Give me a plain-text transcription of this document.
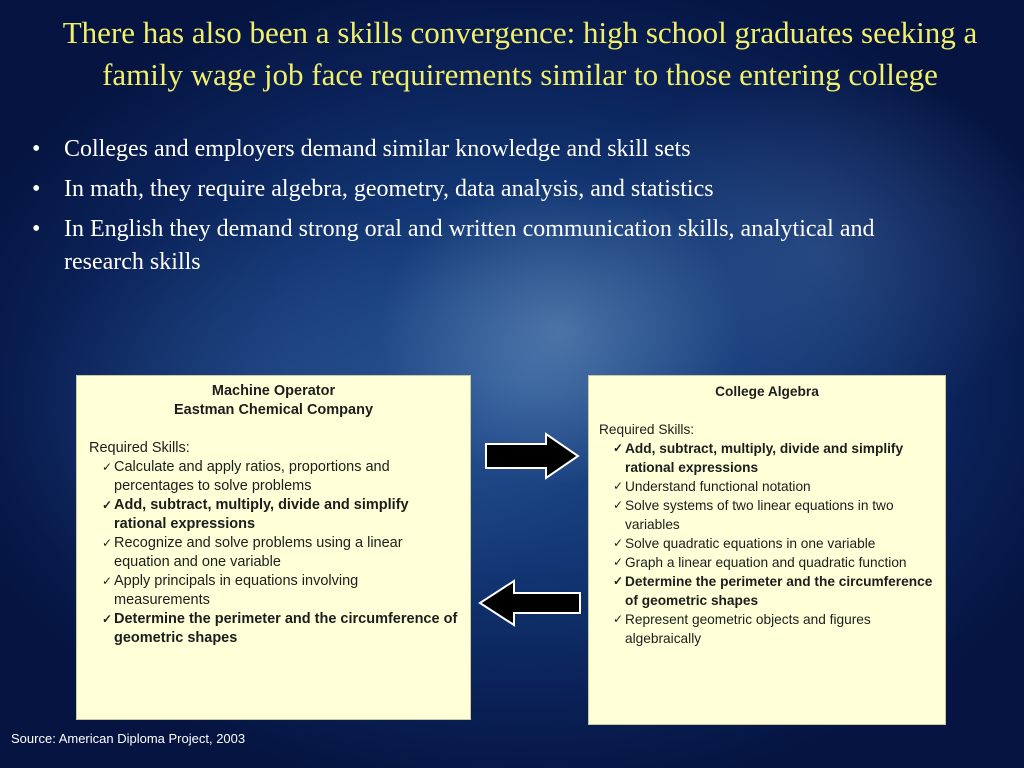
There has also been a skills convergence: high school graduates seeking a family wage job face requirements similar to those entering college
• Colleges and employers demand similar knowledge and skill sets
• In math, they require algebra, geometry, data analysis, and statistics
• In English they demand strong oral and written communication skills, analytical and research skills
Machine Operator
Eastman Chemical Company
Required Skills:
✓ Calculate and apply ratios, proportions and percentages to solve problems
✓ Add, subtract, multiply, divide and simplify rational expressions
✓ Recognize and solve problems using a linear equation and one variable
✓ Apply principals in equations involving measurements
✓ Determine the perimeter and the circumference of geometric shapes
College Algebra
Required Skills:
✓ Add, subtract, multiply, divide and simplify rational expressions
✓ Understand functional notation
✓ Solve systems of two linear equations in two variables
✓ Solve quadratic equations in one variable
✓ Graph a linear equation and quadratic function
✓ Determine the perimeter and the circumference of geometric shapes
✓ Represent geometric objects and figures algebraically
Source: American Diploma Project, 2003
